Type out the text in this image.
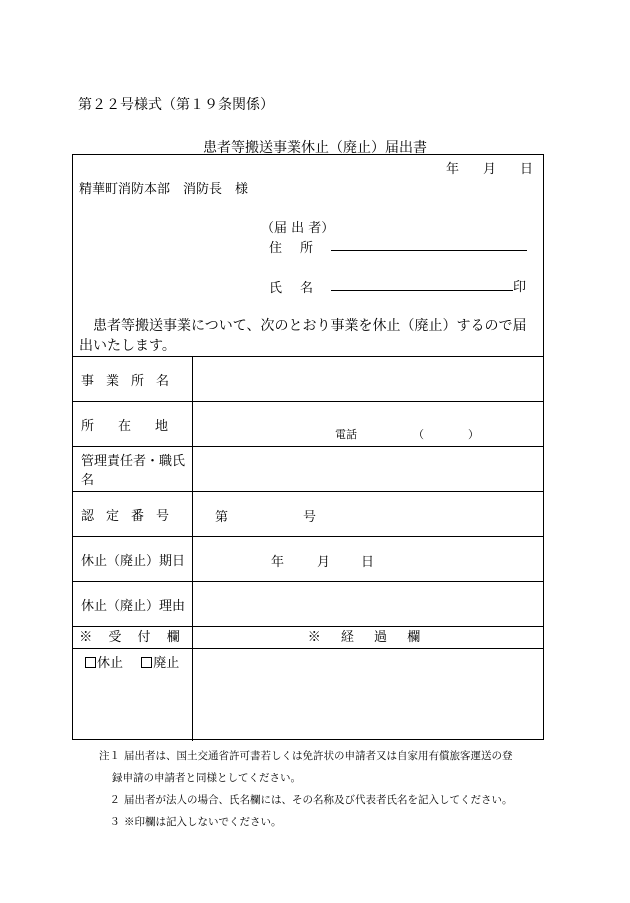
第２２号様式（第１９条関係）
患者等搬送事業休止（廃止）届出書
年 月 日
精華町消防本部　消防長　様
（届 出 者）
住所
氏名	印
患者等搬送事業について、次のとおり事業を休止（廃止）するので届出いたします。
事業所名
所在地
電話	（　　　　）
管理責任者・職氏名
認定番号	第	号
休止（廃止）期日	年	月 日
休止（廃止）理由
※ 受 付 欄	※ 経 過 欄
休止 廃止
注１ 届出者は、国土交通省許可書若しくは免許状の申請者又は自家用有償旅客運送の登
録申請の申請者と同様としてください。
２ 届出者が法人の場合、氏名欄には、その名称及び代表者氏名を記入してください。
３ ※印欄は記入しないでください。
